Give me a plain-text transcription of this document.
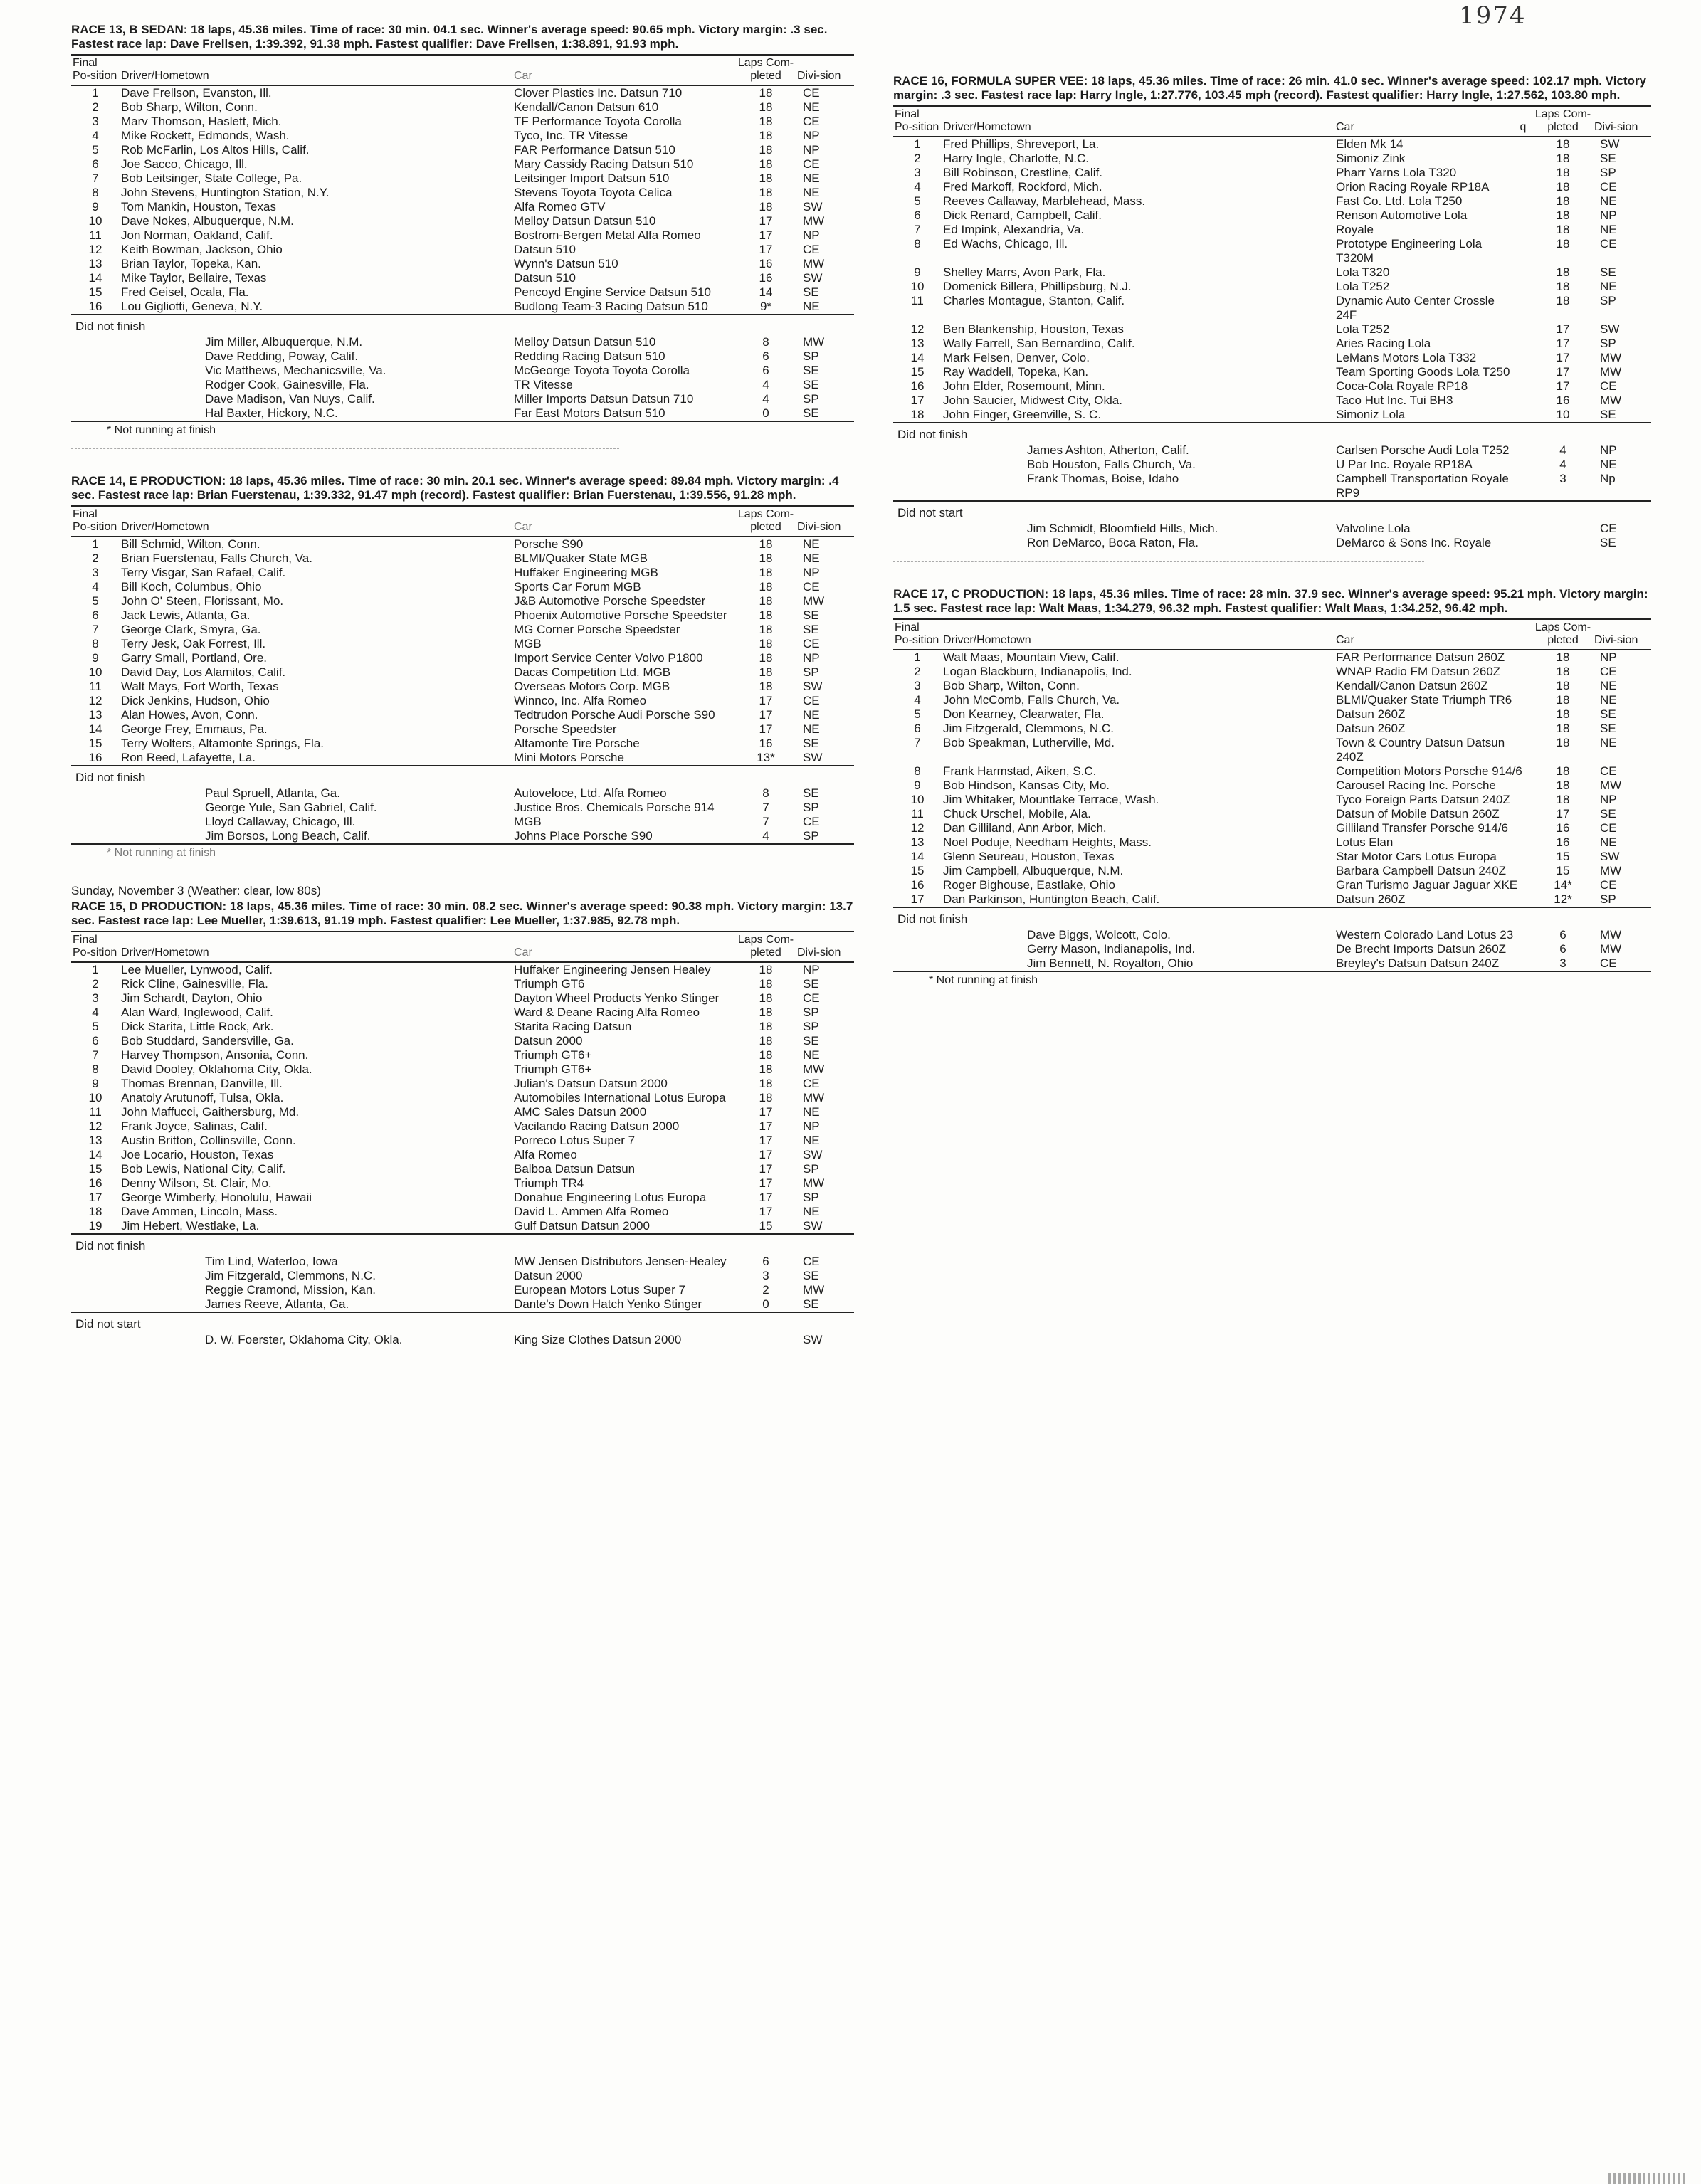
1974

RACE 13, B SEDAN: 18 laps, 45.36 miles. Time of race: 30 min. 04.1 sec. Winner's average speed: 90.65 mph. Victory margin: .3 sec. Fastest race lap: Dave Frellsen, 1:39.392, 91.38 mph. Fastest qualifier: Dave Frellsen, 1:38.891, 91.93 mph.

Final Po-sition	Driver/Hometown	Car	Laps Com-pleted	Divi-sion
1	Dave Frellson, Evanston, Ill.	Clover Plastics Inc. Datsun 710	18	CE
2	Bob Sharp, Wilton, Conn.	Kendall/Canon Datsun 610	18	NE
3	Marv Thomson, Haslett, Mich.	TF Performance Toyota Corolla	18	CE
4	Mike Rockett, Edmonds, Wash.	Tyco, Inc. TR Vitesse	18	NP
5	Rob McFarlin, Los Altos Hills, Calif.	FAR Performance Datsun 510	18	NP
6	Joe Sacco, Chicago, Ill.	Mary Cassidy Racing Datsun 510	18	CE
7	Bob Leitsinger, State College, Pa.	Leitsinger Import Datsun 510	18	NE
8	John Stevens, Huntington Station, N.Y.	Stevens Toyota Toyota Celica	18	NE
9	Tom Mankin, Houston, Texas	Alfa Romeo GTV	18	SW
10	Dave Nokes, Albuquerque, N.M.	Melloy Datsun Datsun 510	17	MW
11	Jon Norman, Oakland, Calif.	Bostrom-Bergen Metal Alfa Romeo	17	NP
12	Keith Bowman, Jackson, Ohio	Datsun 510	17	CE
13	Brian Taylor, Topeka, Kan.	Wynn's Datsun 510	16	MW
14	Mike Taylor, Bellaire, Texas	Datsun 510	16	SW
15	Fred Geisel, Ocala, Fla.	Pencoyd Engine Service Datsun 510	14	SE
16	Lou Gigliotti, Geneva, N.Y.	Budlong Team-3 Racing Datsun 510	9*	NE
Did not finish				
	Jim Miller, Albuquerque, N.M.	Melloy Datsun Datsun 510	8	MW
	Dave Redding, Poway, Calif.	Redding Racing Datsun 510	6	SP
	Vic Matthews, Mechanicsville, Va.	McGeorge Toyota Toyota Corolla	6	SE
	Rodger Cook, Gainesville, Fla.	TR Vitesse	4	SE
	Dave Madison, Van Nuys, Calif.	Miller Imports Datsun Datsun 710	4	SP
	Hal Baxter, Hickory, N.C.	Far East Motors Datsun 510	0	SE
* Not running at finish

RACE 14, E PRODUCTION: 18 laps, 45.36 miles. Time of race: 30 min. 20.1 sec. Winner's average speed: 89.84 mph. Victory margin: .4 sec. Fastest race lap: Brian Fuerstenau, 1:39.332, 91.47 mph (record). Fastest qualifier: Brian Fuerstenau, 1:39.556, 91.28 mph.

Final Po-sition	Driver/Hometown	Car	Laps Com-pleted	Divi-sion
1	Bill Schmid, Wilton, Conn.	Porsche S90	18	NE
2	Brian Fuerstenau, Falls Church, Va.	BLMI/Quaker State MGB	18	NE
3	Terry Visgar, San Rafael, Calif.	Huffaker Engineering MGB	18	NP
4	Bill Koch, Columbus, Ohio	Sports Car Forum MGB	18	CE
5	John O' Steen, Florissant, Mo.	J&B Automotive Porsche Speedster	18	MW
6	Jack Lewis, Atlanta, Ga.	Phoenix Automotive Porsche Speedster	18	SE
7	George Clark, Smyra, Ga.	MG Corner Porsche Speedster	18	SE
8	Terry Jesk, Oak Forrest, Ill.	MGB	18	CE
9	Garry Small, Portland, Ore.	Import Service Center Volvo P1800	18	NP
10	David Day, Los Alamitos, Calif.	Dacas Competition Ltd. MGB	18	SP
11	Walt Mays, Fort Worth, Texas	Overseas Motors Corp. MGB	18	SW
12	Dick Jenkins, Hudson, Ohio	Winnco, Inc. Alfa Romeo	17	CE
13	Alan Howes, Avon, Conn.	Tedtrudon Porsche Audi Porsche S90	17	NE
14	George Frey, Emmaus, Pa.	Porsche Speedster	17	NE
15	Terry Wolters, Altamonte Springs, Fla.	Altamonte Tire Porsche	16	SE
16	Ron Reed, Lafayette, La.	Mini Motors Porsche	13*	SW
Did not finish				
	Paul Spruell, Atlanta, Ga.	Autoveloce, Ltd. Alfa Romeo	8	SE
	George Yule, San Gabriel, Calif.	Justice Bros. Chemicals Porsche 914	7	SP
	Lloyd Callaway, Chicago, Ill.	MGB	7	CE
	Jim Borsos, Long Beach, Calif.	Johns Place Porsche S90	4	SP
* Not running at finish

Sunday, November 3 (Weather: clear, low 80s)

RACE 15, D PRODUCTION: 18 laps, 45.36 miles. Time of race: 30 min. 08.2 sec. Winner's average speed: 90.38 mph. Victory margin: 13.7 sec. Fastest race lap: Lee Mueller, 1:39.613, 91.19 mph. Fastest qualifier: Lee Mueller, 1:37.985, 92.78 mph.

Final Po-sition	Driver/Hometown	Car	Laps Com-pleted	Divi-sion
1	Lee Mueller, Lynwood, Calif.	Huffaker Engineering Jensen Healey	18	NP
2	Rick Cline, Gainesville, Fla.	Triumph GT6	18	SE
3	Jim Schardt, Dayton, Ohio	Dayton Wheel Products Yenko Stinger	18	CE
4	Alan Ward, Inglewood, Calif.	Ward & Deane Racing Alfa Romeo	18	SP
5	Dick Starita, Little Rock, Ark.	Starita Racing Datsun	18	SP
6	Bob Studdard, Sandersville, Ga.	Datsun 2000	18	SE
7	Harvey Thompson, Ansonia, Conn.	Triumph GT6+	18	NE
8	David Dooley, Oklahoma City, Okla.	Triumph GT6+	18	MW
9	Thomas Brennan, Danville, Ill.	Julian's Datsun Datsun 2000	18	CE
10	Anatoly Arutunoff, Tulsa, Okla.	Automobiles International Lotus Europa	18	MW
11	John Maffucci, Gaithersburg, Md.	AMC Sales Datsun 2000	17	NE
12	Frank Joyce, Salinas, Calif.	Vacilando Racing Datsun 2000	17	NP
13	Austin Britton, Collinsville, Conn.	Porreco Lotus Super 7	17	NE
14	Joe Locario, Houston, Texas	Alfa Romeo	17	SW
15	Bob Lewis, National City, Calif.	Balboa Datsun Datsun	17	SP
16	Denny Wilson, St. Clair, Mo.	Triumph TR4	17	MW
17	George Wimberly, Honolulu, Hawaii	Donahue Engineering Lotus Europa	17	SP
18	Dave Ammen, Lincoln, Mass.	David L. Ammen Alfa Romeo	17	NE
19	Jim Hebert, Westlake, La.	Gulf Datsun Datsun 2000	15	SW
Did not finish				
	Tim Lind, Waterloo, Iowa	MW Jensen Distributors Jensen-Healey	6	CE
	Jim Fitzgerald, Clemmons, N.C.	Datsun 2000	3	SE
	Reggie Cramond, Mission, Kan.	European Motors Lotus Super 7	2	MW
	James Reeve, Atlanta, Ga.	Dante's Down Hatch Yenko Stinger	0	SE
Did not start				
	D. W. Foerster, Oklahoma City, Okla.	King Size Clothes Datsun 2000		SW

RACE 16, FORMULA SUPER VEE: 18 laps, 45.36 miles. Time of race: 26 min. 41.0 sec. Winner's average speed: 102.17 mph. Victory margin: .3 sec. Fastest race lap: Harry Ingle, 1:27.776, 103.45 mph (record). Fastest qualifier: Harry Ingle, 1:27.562, 103.80 mph.

Final Po-sition	Driver/Hometown	Car	q	Laps Com-pleted	Divi-sion
1	Fred Phillips, Shreveport, La.	Elden Mk 14		18	SW
2	Harry Ingle, Charlotte, N.C.	Simoniz Zink		18	SE
3	Bill Robinson, Crestline, Calif.	Pharr Yarns Lola T320		18	SP
4	Fred Markoff, Rockford, Mich.	Orion Racing Royale RP18A		18	CE
5	Reeves Callaway, Marblehead, Mass.	Fast Co. Ltd. Lola T250		18	NE
6	Dick Renard, Campbell, Calif.	Renson Automotive Lola		18	NP
7	Ed Impink, Alexandria, Va.	Royale		18	NE
8	Ed Wachs, Chicago, Ill.	Prototype Engineering Lola T320M		18	CE
9	Shelley Marrs, Avon Park, Fla.	Lola T320		18	SE
10	Domenick Billera, Phillipsburg, N.J.	Lola T252		18	NE
11	Charles Montague, Stanton, Calif.	Dynamic Auto Center Crossle 24F		18	SP
12	Ben Blankenship, Houston, Texas	Lola T252		17	SW
13	Wally Farrell, San Bernardino, Calif.	Aries Racing Lola		17	SP
14	Mark Felsen, Denver, Colo.	LeMans Motors Lola T332		17	MW
15	Ray Waddell, Topeka, Kan.	Team Sporting Goods Lola T250		17	MW
16	John Elder, Rosemount, Minn.	Coca-Cola Royale RP18		17	CE
17	John Saucier, Midwest City, Okla.	Taco Hut Inc. Tui BH3		16	MW
18	John Finger, Greenville, S. C.	Simoniz Lola		10	SE
Did not finish					
	James Ashton, Atherton, Calif.	Carlsen Porsche Audi Lola T252		4	NP
	Bob Houston, Falls Church, Va.	U Par Inc. Royale RP18A		4	NE
	Frank Thomas, Boise, Idaho	Campbell Transportation Royale RP9		3	Np
Did not start					
	Jim Schmidt, Bloomfield Hills, Mich.	Valvoline Lola			CE
	Ron DeMarco, Boca Raton, Fla.	DeMarco & Sons Inc. Royale			SE

RACE 17, C PRODUCTION: 18 laps, 45.36 miles. Time of race: 28 min. 37.9 sec. Winner's average speed: 95.21 mph. Victory margin: 1.5 sec. Fastest race lap: Walt Maas, 1:34.279, 96.32 mph. Fastest qualifier: Walt Maas, 1:34.252, 96.42 mph.

Final Po-sition	Driver/Hometown	Car	Laps Com-pleted	Divi-sion
1	Walt Maas, Mountain View, Calif.	FAR Performance Datsun 260Z	18	NP
2	Logan Blackburn, Indianapolis, Ind.	WNAP Radio FM Datsun 260Z	18	CE
3	Bob Sharp, Wilton, Conn.	Kendall/Canon Datsun 260Z	18	NE
4	John McComb, Falls Church, Va.	BLMI/Quaker State Triumph TR6	18	NE
5	Don Kearney, Clearwater, Fla.	Datsun 260Z	18	SE
6	Jim Fitzgerald, Clemmons, N.C.	Datsun 260Z	18	SE
7	Bob Speakman, Lutherville, Md.	Town & Country Datsun Datsun 240Z	18	NE
8	Frank Harmstad, Aiken, S.C.	Competition Motors Porsche 914/6	18	CE
9	Bob Hindson, Kansas City, Mo.	Carousel Racing Inc. Porsche	18	MW
10	Jim Whitaker, Mountlake Terrace, Wash.	Tyco Foreign Parts Datsun 240Z	18	NP
11	Chuck Urschel, Mobile, Ala.	Datsun of Mobile Datsun 260Z	17	SE
12	Dan Gilliland, Ann Arbor, Mich.	Gilliland Transfer Porsche 914/6	16	CE
13	Noel Poduje, Needham Heights, Mass.	Lotus Elan	16	NE
14	Glenn Seureau, Houston, Texas	Star Motor Cars Lotus Europa	15	SW
15	Jim Campbell, Albuquerque, N.M.	Barbara Campbell Datsun 240Z	15	MW
16	Roger Bighouse, Eastlake, Ohio	Gran Turismo Jaguar Jaguar XKE	14*	CE
17	Dan Parkinson, Huntington Beach, Calif.	Datsun 260Z	12*	SP
Did not finish				
	Dave Biggs, Wolcott, Colo.	Western Colorado Land Lotus 23	6	MW
	Gerry Mason, Indianapolis, Ind.	De Brecht Imports Datsun 260Z	6	MW
	Jim Bennett, N. Royalton, Ohio	Breyley's Datsun Datsun 240Z	3	CE
* Not running at finish
